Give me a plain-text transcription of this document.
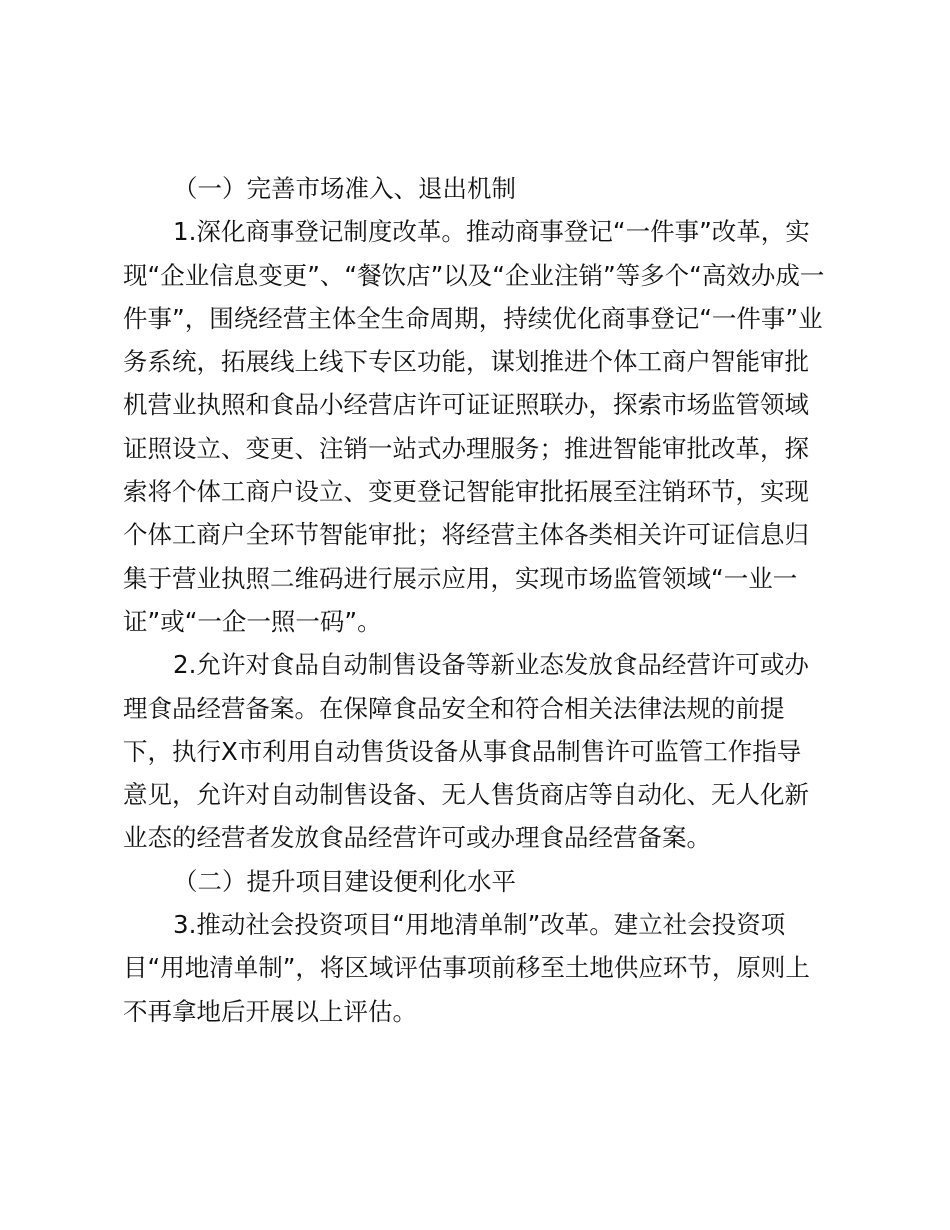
（一）完善市场准入、退出机制
1.深化商事登记制度改革。推动商事登记“一件事”改革，实
现“企业信息变更”、“餐饮店”以及“企业注销”等多个“高效办成一
件事”，围绕经营主体全生命周期，持续优化商事登记“一件事”业
务系统，拓展线上线下专区功能，谋划推进个体工商户智能审批
机营业执照和食品小经营店许可证证照联办，探索市场监管领域
证照设立、变更、注销一站式办理服务；推进智能审批改革，探
索将个体工商户设立、变更登记智能审批拓展至注销环节，实现
个体工商户全环节智能审批；将经营主体各类相关许可证信息归
集于营业执照二维码进行展示应用，实现市场监管领域“一业一
证”或“一企一照一码”。
2.允许对食品自动制售设备等新业态发放食品经营许可或办
理食品经营备案。在保障食品安全和符合相关法律法规的前提
下，执行X市利用自动售货设备从事食品制售许可监管工作指导
意见，允许对自动制售设备、无人售货商店等自动化、无人化新
业态的经营者发放食品经营许可或办理食品经营备案。
（二）提升项目建设便利化水平
3.推动社会投资项目“用地清单制”改革。建立社会投资项
目“用地清单制”，将区域评估事项前移至土地供应环节，原则上
不再拿地后开展以上评估。
